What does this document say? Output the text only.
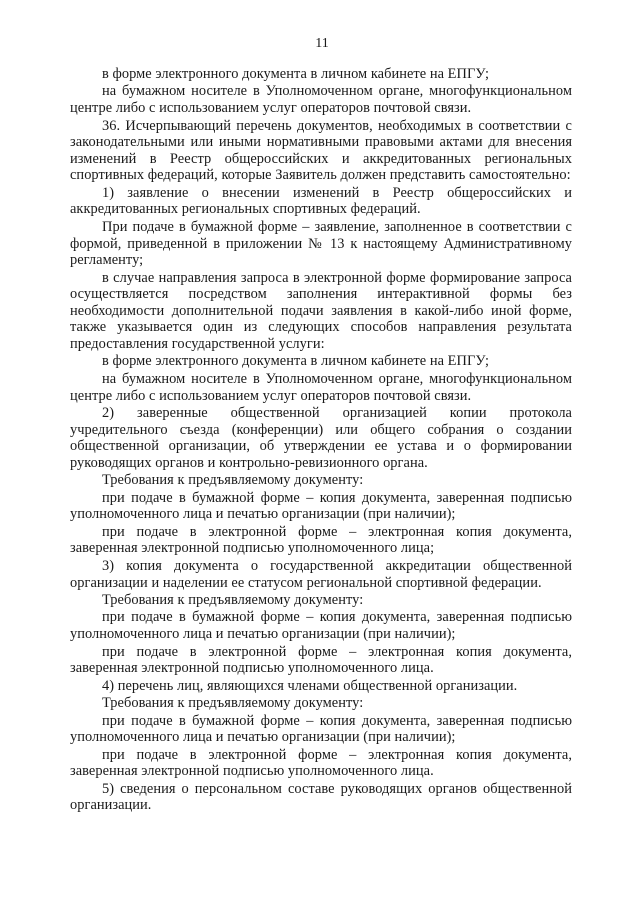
11

в форме электронного документа в личном кабинете на ЕПГУ;

на бумажном носителе в Уполномоченном органе, многофункциональном центре либо с использованием услуг операторов почтовой связи.

36. Исчерпывающий перечень документов, необходимых в соответствии с законодательными или иными нормативными правовыми актами для внесения изменений в Реестр общероссийских и аккредитованных региональных спортивных федераций, которые Заявитель должен представить самостоятельно:

1) заявление о внесении изменений в Реестр общероссийских и аккредитованных региональных спортивных федераций.

При подаче в бумажной форме – заявление, заполненное в соответствии с формой, приведенной в приложении № 13 к настоящему Административному регламенту;

в случае направления запроса в электронной форме формирование запроса осуществляется посредством заполнения интерактивной формы без необходимости дополнительной подачи заявления в какой-либо иной форме, также указывается один из следующих способов направления результата предоставления государственной услуги:

в форме электронного документа в личном кабинете на ЕПГУ;

на бумажном носителе в Уполномоченном органе, многофункциональном центре либо с использованием услуг операторов почтовой связи.

2) заверенные общественной организацией копии протокола учредительного съезда (конференции) или общего собрания о создании общественной организации, об утверждении ее устава и о формировании руководящих органов и контрольно-ревизионного органа.

Требования к предъявляемому документу:

при подаче в бумажной форме – копия документа, заверенная подписью уполномоченного лица и печатью организации (при наличии);

при подаче в электронной форме – электронная копия документа, заверенная электронной подписью уполномоченного лица;

3) копия документа о государственной аккредитации общественной организации и наделении ее статусом региональной спортивной федерации.

Требования к предъявляемому документу:

при подаче в бумажной форме – копия документа, заверенная подписью уполномоченного лица и печатью организации (при наличии);

при подаче в электронной форме – электронная копия документа, заверенная электронной подписью уполномоченного лица.

4) перечень лиц, являющихся членами общественной организации.

Требования к предъявляемому документу:

при подаче в бумажной форме – копия документа, заверенная подписью уполномоченного лица и печатью организации (при наличии);

при подаче в электронной форме – электронная копия документа, заверенная электронной подписью уполномоченного лица.

5) сведения о персональном составе руководящих органов общественной организации.
